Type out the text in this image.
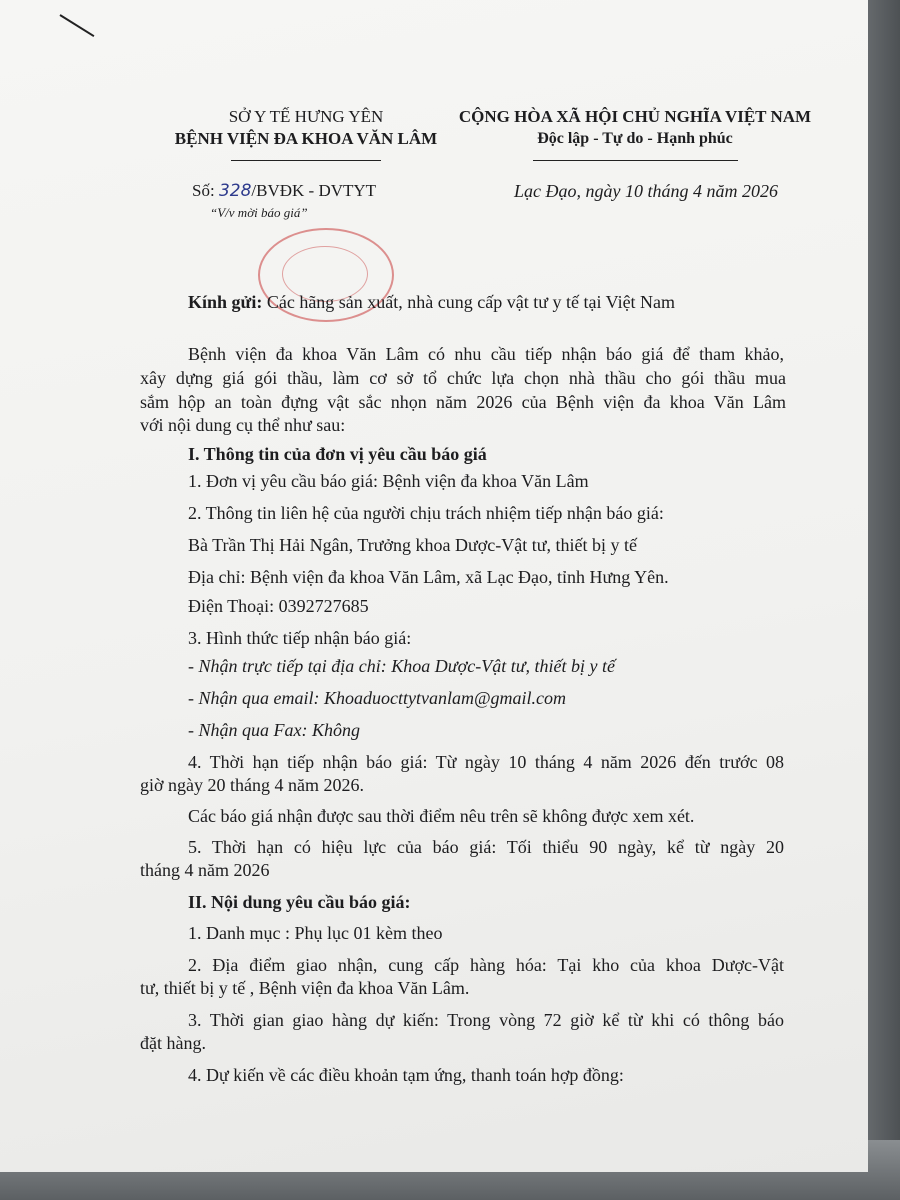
SỞ Y TẾ HƯNG YÊN
BỆNH VIỆN ĐA KHOA VĂN LÂM
CỘNG HÒA XÃ HỘI CHỦ NGHĨA VIỆT NAM
Độc lập - Tự do - Hạnh phúc
Số: 328/BVĐK - DVTYT
“V/v mời báo giá”
Lạc Đạo, ngày 10 tháng 4 năm 2026
Kính gửi: Các hãng sản xuất, nhà cung cấp vật tư y tế tại Việt Nam
Bệnh viện đa khoa Văn Lâm có nhu cầu tiếp nhận báo giá để tham khảo,
xây dựng giá gói thầu, làm cơ sở tổ chức lựa chọn nhà thầu cho gói thầu mua
sắm hộp an toàn đựng vật sắc nhọn năm 2026 của Bệnh viện đa khoa Văn Lâm
với nội dung cụ thể như sau:
I. Thông tin của đơn vị yêu cầu báo giá
1. Đơn vị yêu cầu báo giá: Bệnh viện đa khoa Văn Lâm
2. Thông tin liên hệ của người chịu trách nhiệm tiếp nhận báo giá:
Bà Trần Thị Hải Ngân, Trưởng khoa Dược-Vật tư, thiết bị y tế
Địa chỉ: Bệnh viện đa khoa Văn Lâm, xã Lạc Đạo, tỉnh Hưng Yên.
Điện Thoại: 0392727685
3. Hình thức tiếp nhận báo giá:
- Nhận trực tiếp tại địa chỉ: Khoa Dược-Vật tư, thiết bị y tế
- Nhận qua email: Khoaduocttytvanlam@gmail.com
- Nhận qua Fax: Không
4. Thời hạn tiếp nhận báo giá: Từ ngày 10 tháng 4 năm 2026 đến trước 08
giờ ngày 20 tháng 4 năm 2026.
Các báo giá nhận được sau thời điểm nêu trên sẽ không được xem xét.
5. Thời hạn có hiệu lực của báo giá: Tối thiểu 90 ngày, kể từ ngày 20
tháng 4 năm 2026
II. Nội dung yêu cầu báo giá:
1. Danh mục : Phụ lục 01 kèm theo
2. Địa điểm giao nhận, cung cấp hàng hóa: Tại kho của khoa Dược-Vật
tư, thiết bị y tế , Bệnh viện đa khoa Văn Lâm.
3. Thời gian giao hàng dự kiến: Trong vòng 72 giờ kể từ khi có thông báo
đặt hàng.
4. Dự kiến về các điều khoản tạm ứng, thanh toán hợp đồng:
